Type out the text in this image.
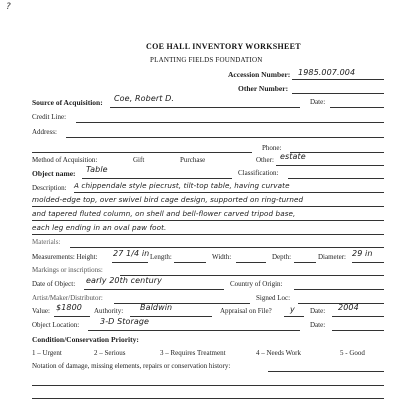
?
COE HALL INVENTORY WORKSHEET
PLANTING FIELDS FOUNDATION
Accession Number: 1985.007.004
Other Number:
Source of Acquisition: Coe, Robert D.	Date:
Credit Line:
Address:
Phone:
Method of Acquisition:	Gift	Purchase	Other: estate
Object name: Table	Classification:
Description: A chippendale style piecrust, tilt-top table, having curvate
molded-edge top, over swivel bird cage design, supported on ring-turned
and tapered fluted column, on shell and bell-flower carved tripod base,
each leg ending in an oval paw foot.
Materials:
Measurements: Height: 27 1/4 in Length:	Width:	Depth:	Diameter: 29 in
Markings or inscriptions:
Date of Object: early 20th century	Country of Origin:
Artist/Maker/Distributor:	Signed Loc:
Value: $1800 Authority: Baldwin	Appraisal on File? y Date: 2004
Object Location:	3-D Storage	Date:
Condition/Conservation Priority:
1 – Urgent	2 – Serious	3 – Requires Treatment	4 – Needs Work	5 - Good
Notation of damage, missing elements, repairs or conservation history:
